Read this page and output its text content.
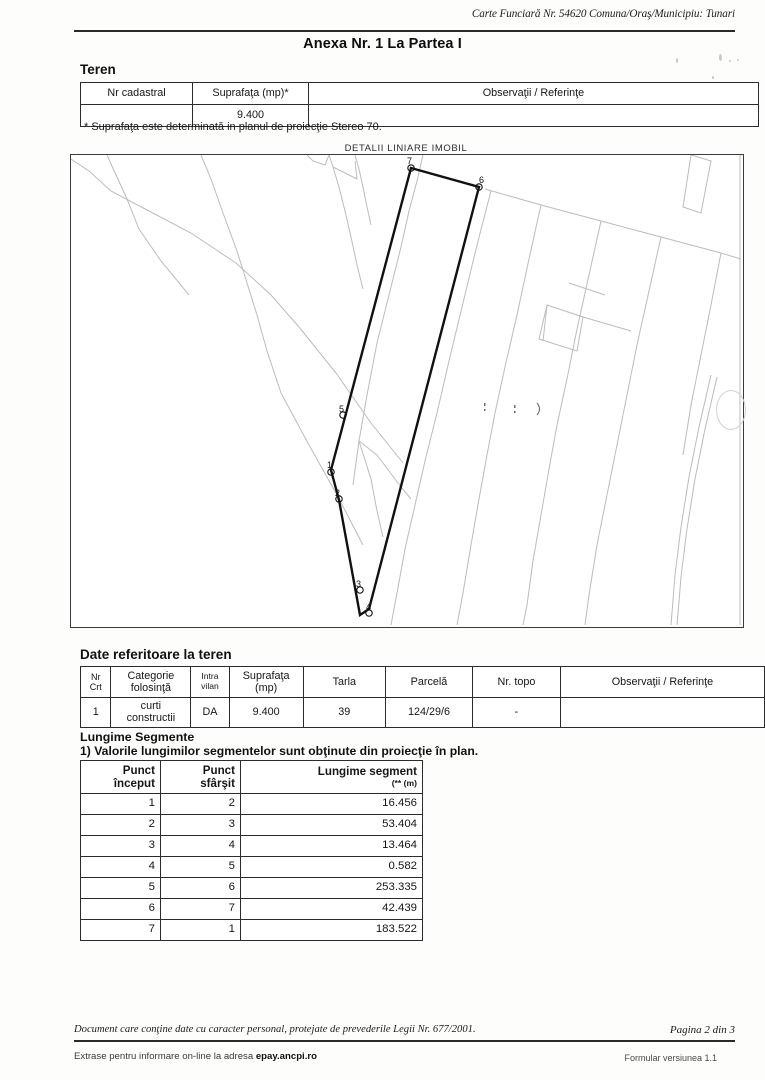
Carte Funciară Nr. 54620 Comuna/Oraş/Municipiu: Tunari
Anexa Nr. 1 La Partea I
Teren
Nr cadastral	Suprafaţa (mp)*	Observaţii / Referinţe
	9.400	
* Suprafaţa este determinată in planul de proiecţie Stereo 70.
DETALII LINIARE IMOBIL
7
6
5
1
2
3
4
Date referitoare la teren
Nr Crt	Categorie folosinţă	Intra vilan	Suprafaţa (mp)	Tarla	Parcelă	Nr. topo	Observaţii / Referinţe
1	curti constructii	DA	9.400	39	124/29/6	-	
Lungime Segmente
1) Valorile lungimilor segmentelor sunt obţinute din proiecţie în plan.
Punct început	Punct sfârşit	Lungime segment
(** (m)

1	2	16.456
2	3	53.404
3	4	13.464
4	5	0.582
5	6	253.335
6	7	42.439
7	1	183.522
Document care conţine date cu caracter personal, protejate de prevederile Legii Nr. 677/2001.	Pagina 2 din 3
Extrase pentru informare on-line la adresa epay.ancpi.ro	Formular versiunea 1.1
